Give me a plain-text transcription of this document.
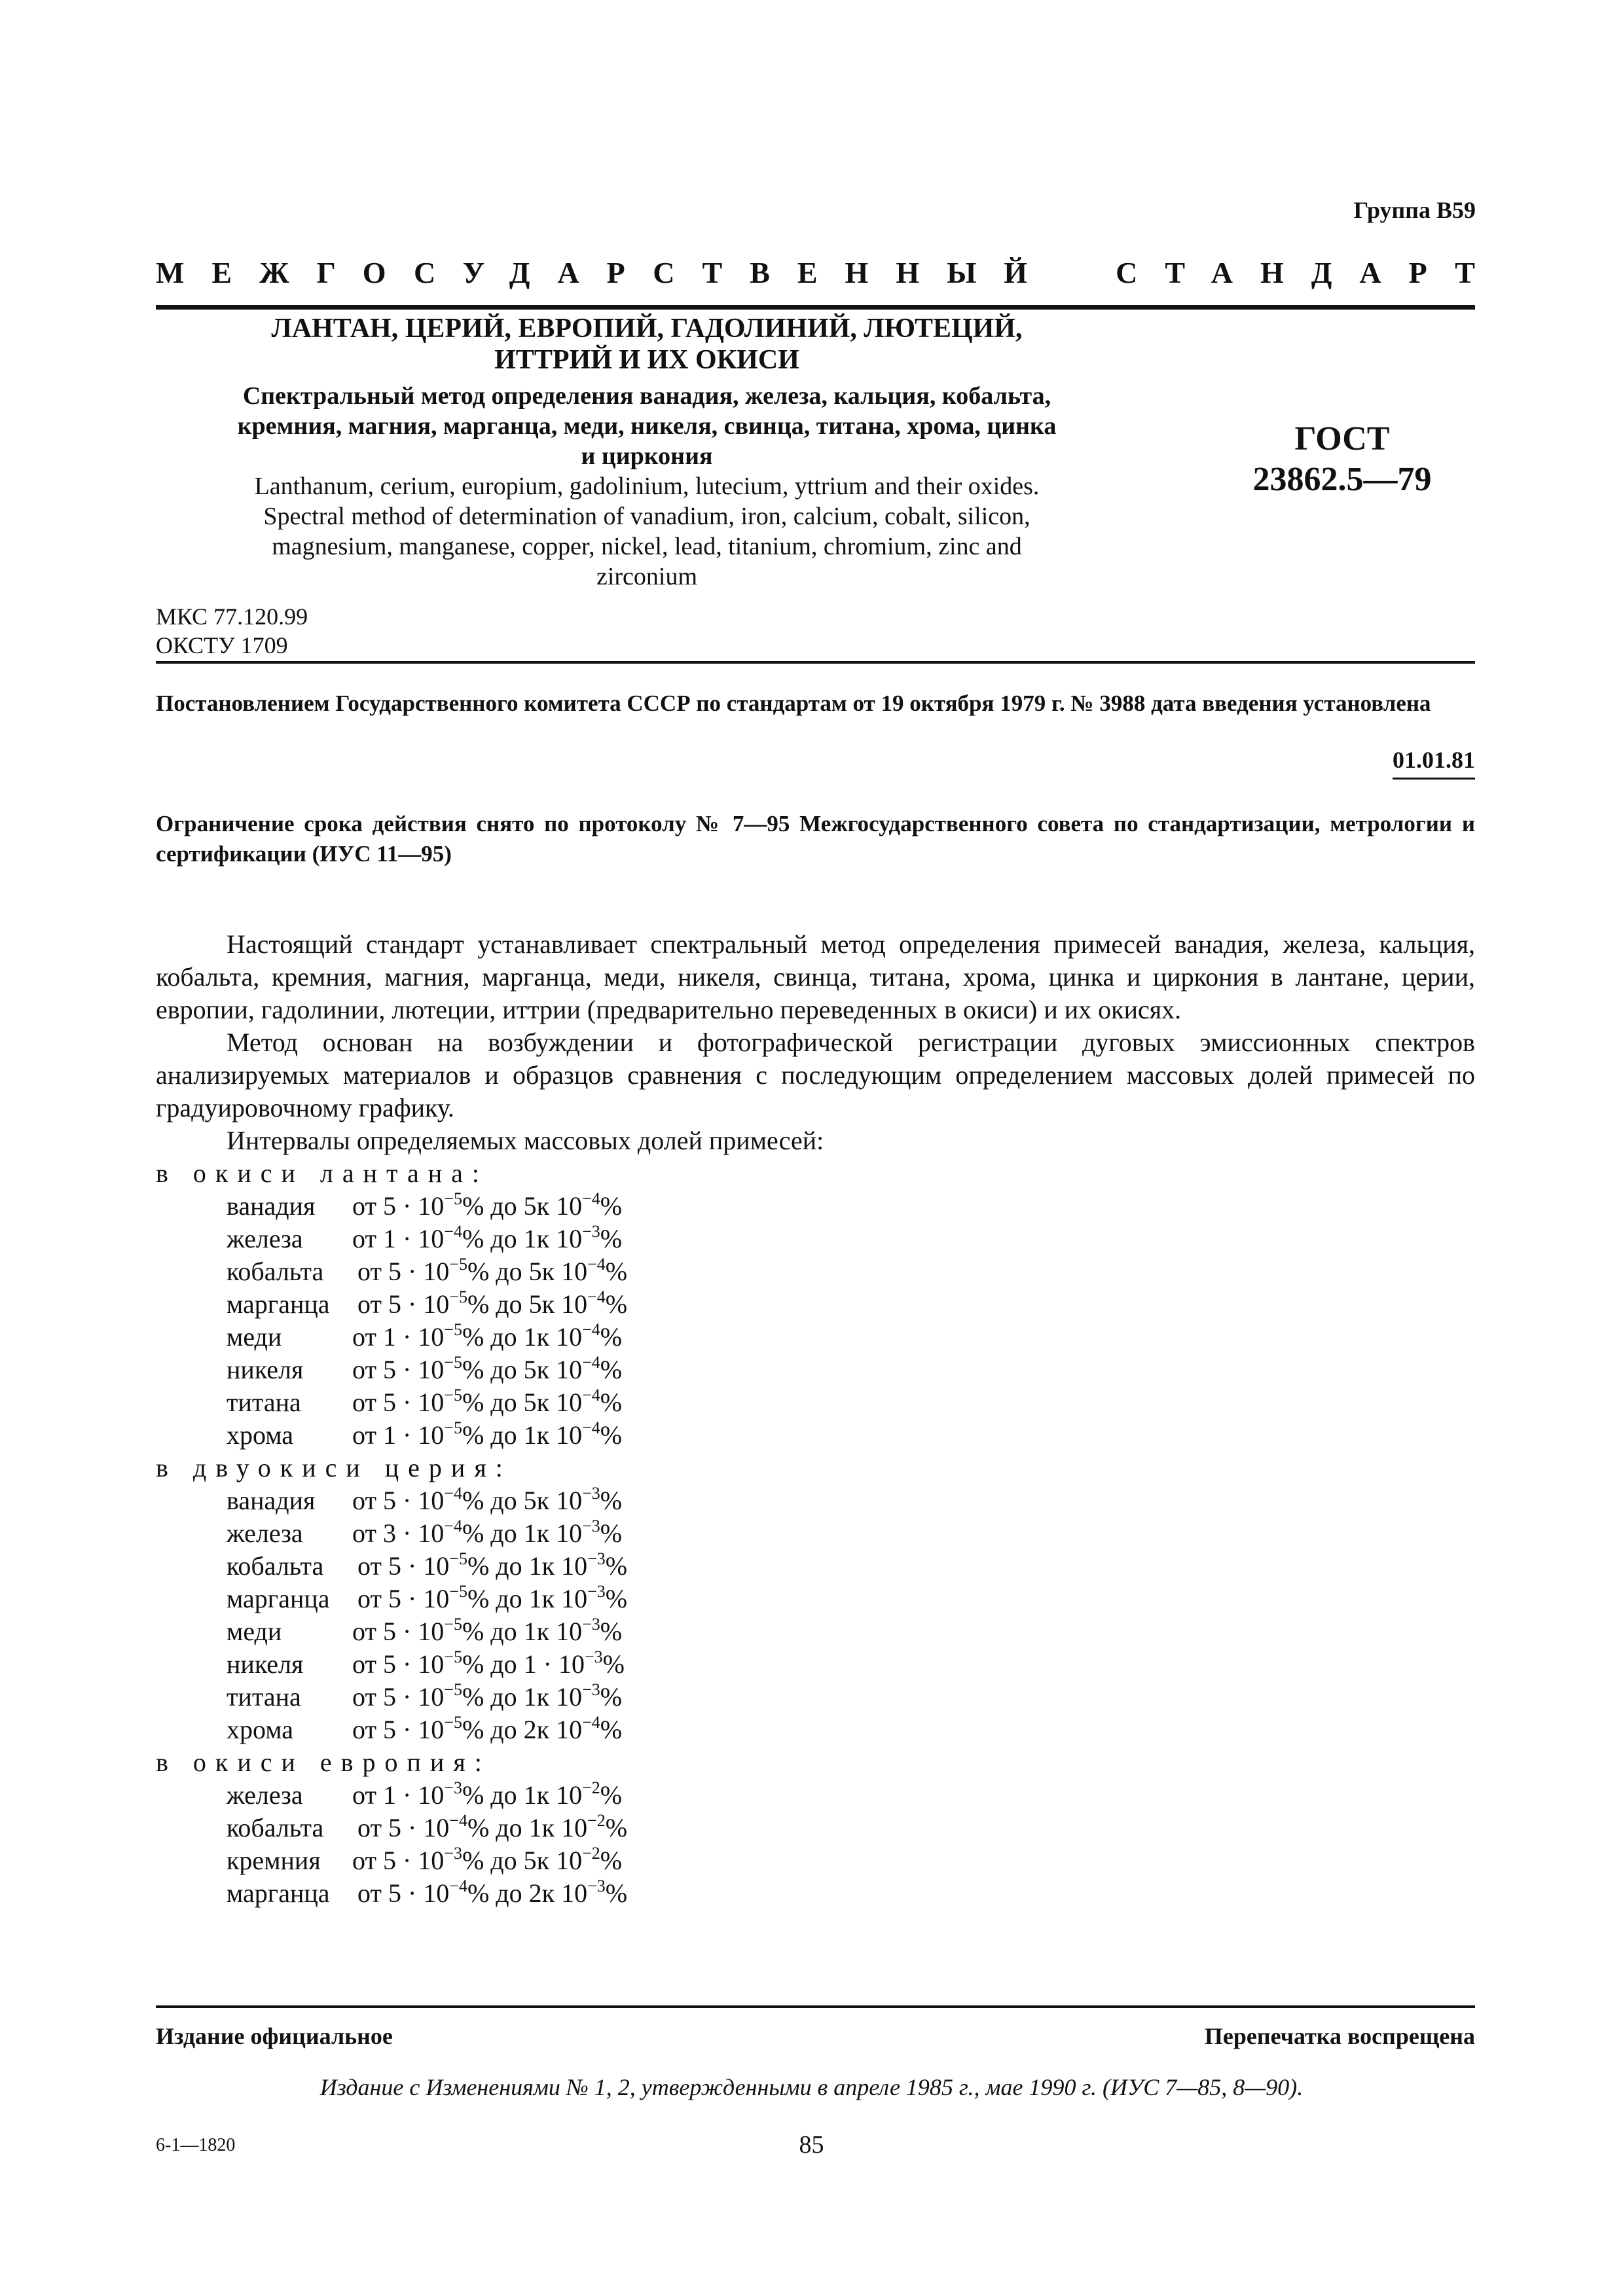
Группа В59
МЕЖГОСУДАРСТВЕННЫЙ СТАНДАРТ
ЛАНТАН, ЦЕРИЙ, ЕВРОПИЙ, ГАДОЛИНИЙ, ЛЮТЕЦИЙ,
ИТТРИЙ И ИХ ОКИСИ
Спектральный метод определения ванадия, железа, кальция, кобальта,
кремния, магния, марганца, меди, никеля, свинца, титана, хрома, цинка
и циркония
Lanthanum, cerium, europium, gadolinium, lutecium, yttrium and their oxides.
Spectral method of determination of vanadium, iron, calcium, cobalt, silicon,
magnesium, manganese, copper, nickel, lead, titanium, chromium, zinc and
zirconium
ГОСТ
23862.5—79
МКС 77.120.99
ОКСТУ 1709
Постановлением Государственного комитета СССР по стандартам от 19 октября 1979 г. № 3988 дата введения установлена
01.01.81
Ограничение срока действия снято по протоколу № 7—95 Межгосударственного совета по стандартизации, метрологии и сертификации (ИУС 11—95)
Настоящий стандарт устанавливает спектральный метод определения примесей ванадия, железа, кальция, кобальта, кремния, магния, марганца, меди, никеля, свинца, титана, хрома, цинка и циркония в лантане, церии, европии, гадолинии, лютеции, иттрии (предварительно переведенных в окиси) и их окисях.
Метод основан на возбуждении и фотографической регистрации дуговых эмиссионных спектров анализируемых материалов и образцов сравнения с последующим определением массовых долей примесей по градуировочному графику.
Интервалы определяемых массовых долей примесей:
в окиси лантана:
ванадия	от $5 \cdot 10^{-5}\%$ до 5к $10^{-4}\%$
железа	от $1 \cdot 10^{-4}\%$ до 1к $10^{-3}\%$
кобальта	от $5 \cdot 10^{-5}\%$ до 5к $10^{-4}\%$
марганца	от $5 \cdot 10^{-5}\%$ до 5к $10^{-4}\%$
меди	от $1 \cdot 10^{-5}\%$ до 1к $10^{-4}\%$
никеля	от $5 \cdot 10^{-5}\%$ до 5к $10^{-4}\%$
титана	от $5 \cdot 10^{-5}\%$ до 5к $10^{-4}\%$
хрома	от $1 \cdot 10^{-5}\%$ до 1к $10^{-4}\%$
в двуокиси церия:
ванадия	от $5 \cdot 10^{-4}\%$ до 5к $10^{-3}\%$
железа	от $3 \cdot 10^{-4}\%$ до 1к $10^{-3}\%$
кобальта	от $5 \cdot 10^{-5}\%$ до 1к $10^{-3}\%$
марганца	от $5 \cdot 10^{-5}\%$ до 1к $10^{-3}\%$
меди	от $5 \cdot 10^{-5}\%$ до 1к $10^{-3}\%$
никеля	от $5 \cdot 10^{-5}\%$ до $1 \cdot 10^{-3}\%$
титана	от $5 \cdot 10^{-5}\%$ до 1к $10^{-3}\%$
хрома	от $5 \cdot 10^{-5}\%$ до 2к $10^{-4}\%$
в окиси европия:
железа	от $1 \cdot 10^{-3}\%$ до 1к $10^{-2}\%$
кобальта	от $5 \cdot 10^{-4}\%$ до 1к $10^{-2}\%$
кремния	от $5 \cdot 10^{-3}\%$ до 5к $10^{-2}\%$
марганца	от $5 \cdot 10^{-4}\%$ до 2к $10^{-3}\%$
Издание официальное	Перепечатка воспрещена
Издание с Изменениями № 1, 2, утвержденными в апреле 1985 г., мае 1990 г. (ИУС 7—85, 8—90).
6-1—1820	85
